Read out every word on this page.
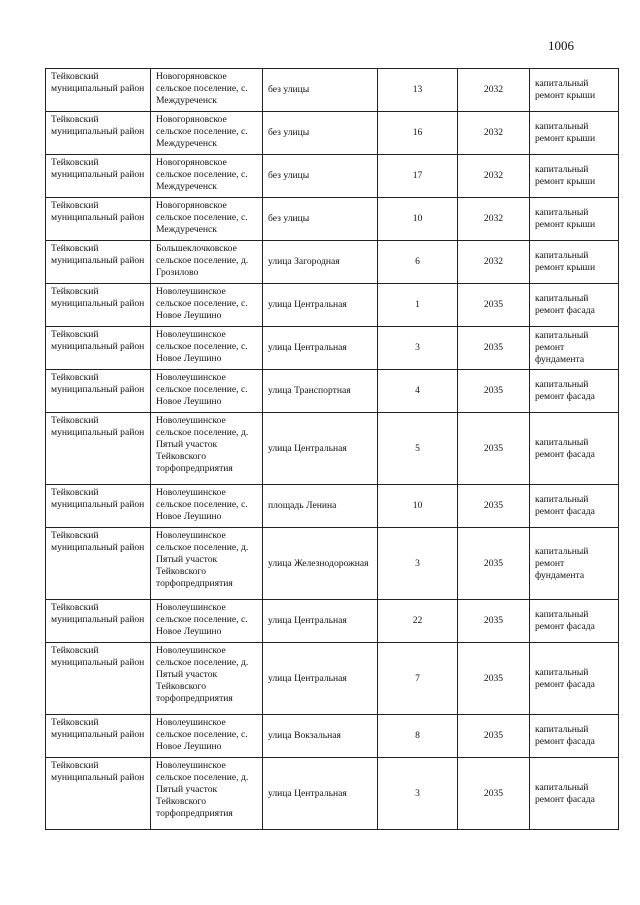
1006
Тейковский муниципальный район	Новогоряновское сельское поселение, с. Междуреченск	без улицы	13	2032	капитальный ремонт крыши
Тейковский муниципальный район	Новогоряновское сельское поселение, с. Междуреченск	без улицы	16	2032	капитальный ремонт крыши
Тейковский муниципальный район	Новогоряновское сельское поселение, с. Междуреченск	без улицы	17	2032	капитальный ремонт крыши
Тейковский муниципальный район	Новогоряновское сельское поселение, с. Междуреченск	без улицы	10	2032	капитальный ремонт крыши
Тейковский муниципальный район	Большеклочковское сельское поселение, д. Грозилово	улица Загородная	6	2032	капитальный ремонт крыши
Тейковский муниципальный район	Новолеушинское сельское поселение, с. Новое Леушино	улица Центральная	1	2035	капитальный ремонт фасада
Тейковский муниципальный район	Новолеушинское сельское поселение, с. Новое Леушино	улица Центральная	3	2035	капитальный ремонт фундамента
Тейковский муниципальный район	Новолеушинское сельское поселение, с. Новое Леушино	улица Транспортная	4	2035	капитальный ремонт фасада
Тейковский муниципальный район	Новолеушинское сельское поселение, д. Пятый участок Тейковского торфопредприятия	улица Центральная	5	2035	капитальный ремонт фасада
Тейковский муниципальный район	Новолеушинское сельское поселение, с. Новое Леушино	площадь Ленина	10	2035	капитальный ремонт фасада
Тейковский муниципальный район	Новолеушинское сельское поселение, д. Пятый участок Тейковского торфопредприятия	улица Железнодорожная	3	2035	капитальный ремонт фундамента
Тейковский муниципальный район	Новолеушинское сельское поселение, с. Новое Леушино	улица Центральная	22	2035	капитальный ремонт фасада
Тейковский муниципальный район	Новолеушинское сельское поселение, д. Пятый участок Тейковского торфопредприятия	улица Центральная	7	2035	капитальный ремонт фасада
Тейковский муниципальный район	Новолеушинское сельское поселение, с. Новое Леушино	улица Вокзальная	8	2035	капитальный ремонт фасада
Тейковский муниципальный район	Новолеушинское сельское поселение, д. Пятый участок Тейковского торфопредприятия	улица Центральная	3	2035	капитальный ремонт фасада
